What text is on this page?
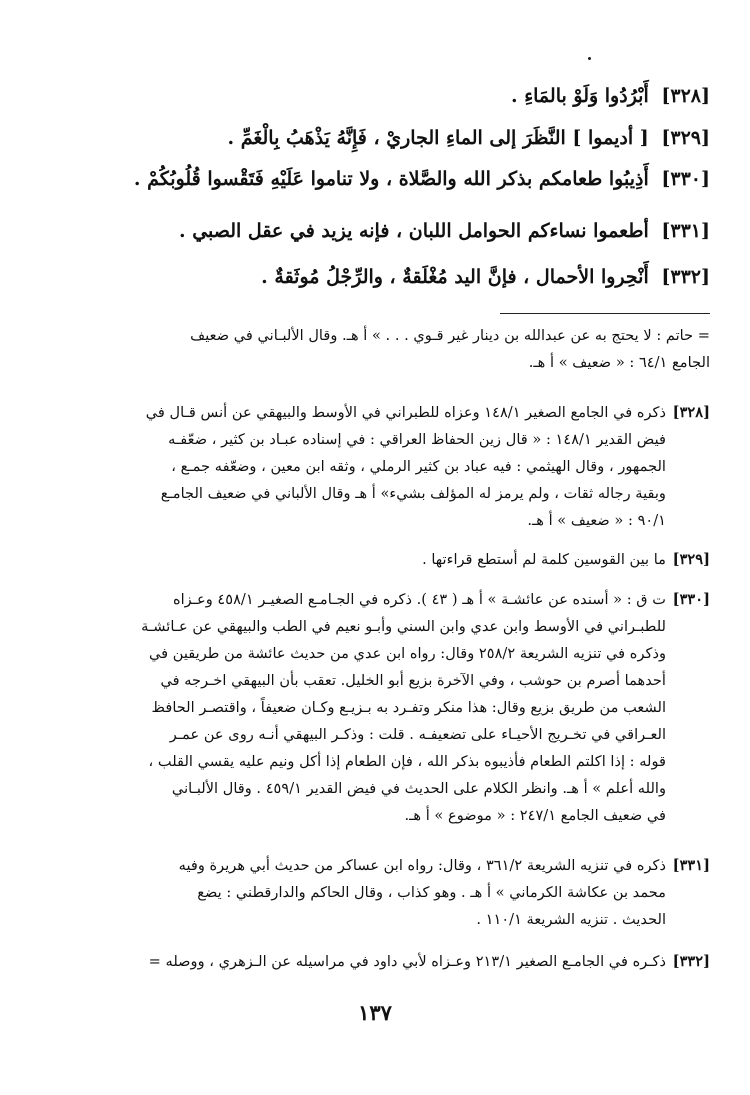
[٣٢٨] أَبْرُدُوا وَلَوْ بالمَاءِ .
[٣٢٩] [ أديموا ] النَّظَرَ إلى الماءِ الجاريْ ، فَإِنَّهُ يَذْهَبُ بِالْغَمِّ .
[٣٣٠] أَذِيبُوا طعامكم بذكر الله والصَّلاة ، ولا تناموا عَلَيْهِ فَتَقْسوا قُلُوبُكُمْ .
[٣٣١] أطعموا نساءكم الحوامل اللبان ، فإنه يزيد في عقل الصبي .
[٣٣٢] أَنْحِروا الأحمال ، فإنَّ اليد مُغْلَقةٌ ، والرِّجْلُ مُوثَقةٌ .
= حاتم : لا يحتج به عن عبدالله بن دينار غير قـوي . . . » أ هـ. وقال الألبـاني في ضعيف
الجامع ٦٤/١ : « ضعيف » أ هـ.
[٣٢٨]
ذكره في الجامع الصغير ١٤٨/١ وعزاه للطبراني في الأوسط والبيهقي عن أنس قـال في
فيض القدير ١٤٨/١ : « قال زين الحفاظ العراقي : في إسناده عبـاد بن كثير ، ضعّفـه
الجمهور ، وقال الهيثمي : فيه عباد بن كثير الرملي ، وثقه ابن معين ، وضعّفه جمـع ،
وبقية رجاله ثقات ، ولم يرمز له المؤلف بشيء» أ هـ وقال الألباني في ضعيف الجامـع
٩٠/١ : « ضعيف » أ هـ.
[٣٢٩]
ما بين القوسين كلمة لم أستطع قراءتها .
[٣٣٠]
ت ق : « أسنده عن عائشـة » أ هـ ( ٤٣ ). ذكره في الجـامـع الصغيـر ٤٥٨/١ وعـزاه
للطبـراني في الأوسط وابن عدي وابن السني وأبـو نعيم في الطب والبيهقي عن عـائشـة
وذكره في تنزيه الشريعة ٢٥٨/٢ وقال: رواه ابن عدي من حديث عائشة من طريقين في
أحدهما أصرم بن حوشب ، وفي الآخرة بزيع أبو الخليل. تعقب بأن البيهقي اخـرجه في
الشعب من طريق بزيع وقال: هذا منكر وتفـرد به بـزيـع وكـان ضعيفاً ، واقتصـر الحافظ
العـراقي في تخـريج الأحيـاء على تضعيفـه . قلت : وذكـر البيهقي أنـه روى عن عمـر
قوله : إذا اكلتم الطعام فأذيبوه بذكر الله ، فإن الطعام إذا أكل ونيم عليه يقسي القلب ،
والله أعلم » أ هـ. وانظر الكلام على الحديث في فيض القدير ٤٥٩/١ . وقال الألبـاني
في ضعيف الجامع ٢٤٧/١ : « موضوع » أ هـ.
[٣٣١]
ذكره في تنزيه الشريعة ٣٦١/٢ ، وقال: رواه ابن عساكر من حديث أبي هريرة وفيه
محمد بن عكاشة الكرماني » أ هـ . وهو كذاب ، وقال الحاكم والدارقطني : يضع
الحديث . تنزيه الشريعة ١١٠/١ .
[٣٣٢]
ذكـره في الجامـع الصغير ٢١٣/١ وعـزاه لأبي داود في مراسيله عن الـزهري ، ووصله =
١٣٧
